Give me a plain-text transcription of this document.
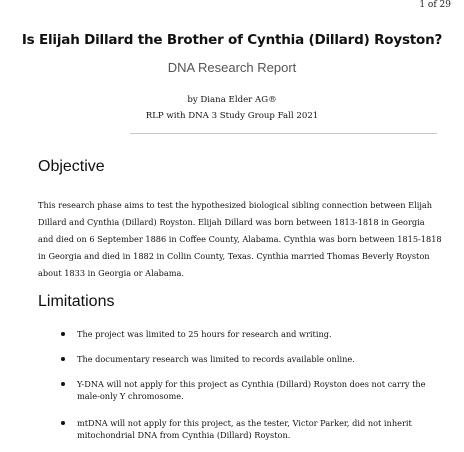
1 of 29
Is Elijah Dillard the Brother of Cynthia (Dillard) Royston?
DNA Research Report
by Diana Elder AG®
RLP with DNA 3 Study Group Fall 2021
Objective
This research phase aims to test the hypothesized biological sibling connection between Elijah
Dillard and Cynthia (Dillard) Royston. Elijah Dillard was born between 1813-1818 in Georgia
and died on 6 September 1886 in Coffee County, Alabama. Cynthia was born between 1815-1818
in Georgia and died in 1882 in Collin County, Texas. Cynthia married Thomas Beverly Royston
about 1833 in Georgia or Alabama.
Limitations
The project was limited to 25 hours for research and writing.
The documentary research was limited to records available online.
Y-DNA will not apply for this project as Cynthia (Dillard) Royston does not carry the
male-only Y chromosome.
mtDNA will not apply for this project, as the tester, Victor Parker, did not inherit
mitochondrial DNA from Cynthia (Dillard) Royston.
